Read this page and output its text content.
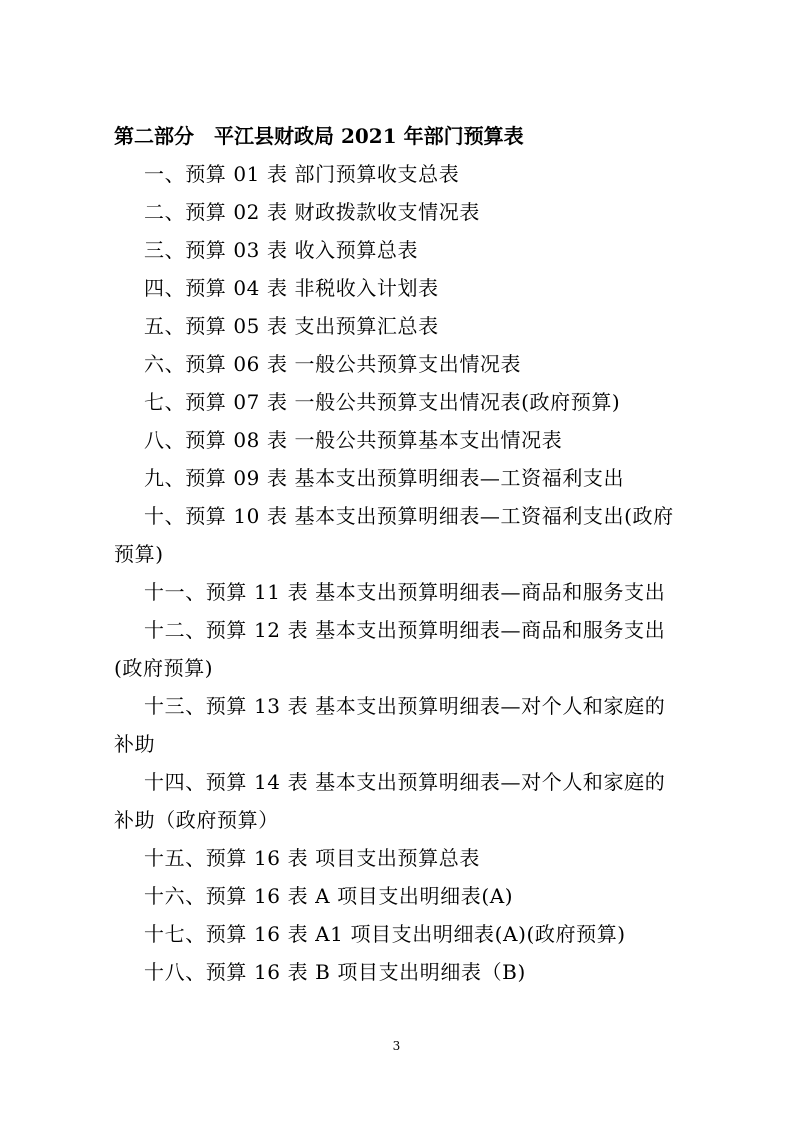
第二部分　平江县财政局 2021 年部门预算表
一、预算 01 表 部门预算收支总表
二、预算 02 表 财政拨款收支情况表
三、预算 03 表 收入预算总表
四、预算 04 表 非税收入计划表
五、预算 05 表 支出预算汇总表
六、预算 06 表 一般公共预算支出情况表
七、预算 07 表 一般公共预算支出情况表(政府预算)
八、预算 08 表 一般公共预算基本支出情况表
九、预算 09 表 基本支出预算明细表—工资福利支出
十、预算 10 表 基本支出预算明细表—工资福利支出(政府预算)
十一、预算 11 表 基本支出预算明细表—商品和服务支出
十二、预算 12 表 基本支出预算明细表—商品和服务支出(政府预算)
十三、预算 13 表 基本支出预算明细表—对个人和家庭的补助
十四、预算 14 表 基本支出预算明细表—对个人和家庭的补助（政府预算）
十五、预算 16 表 项目支出预算总表
十六、预算 16 表 A 项目支出明细表(A)
十七、预算 16 表 A1 项目支出明细表(A)(政府预算)
十八、预算 16 表 B 项目支出明细表（B)
3
